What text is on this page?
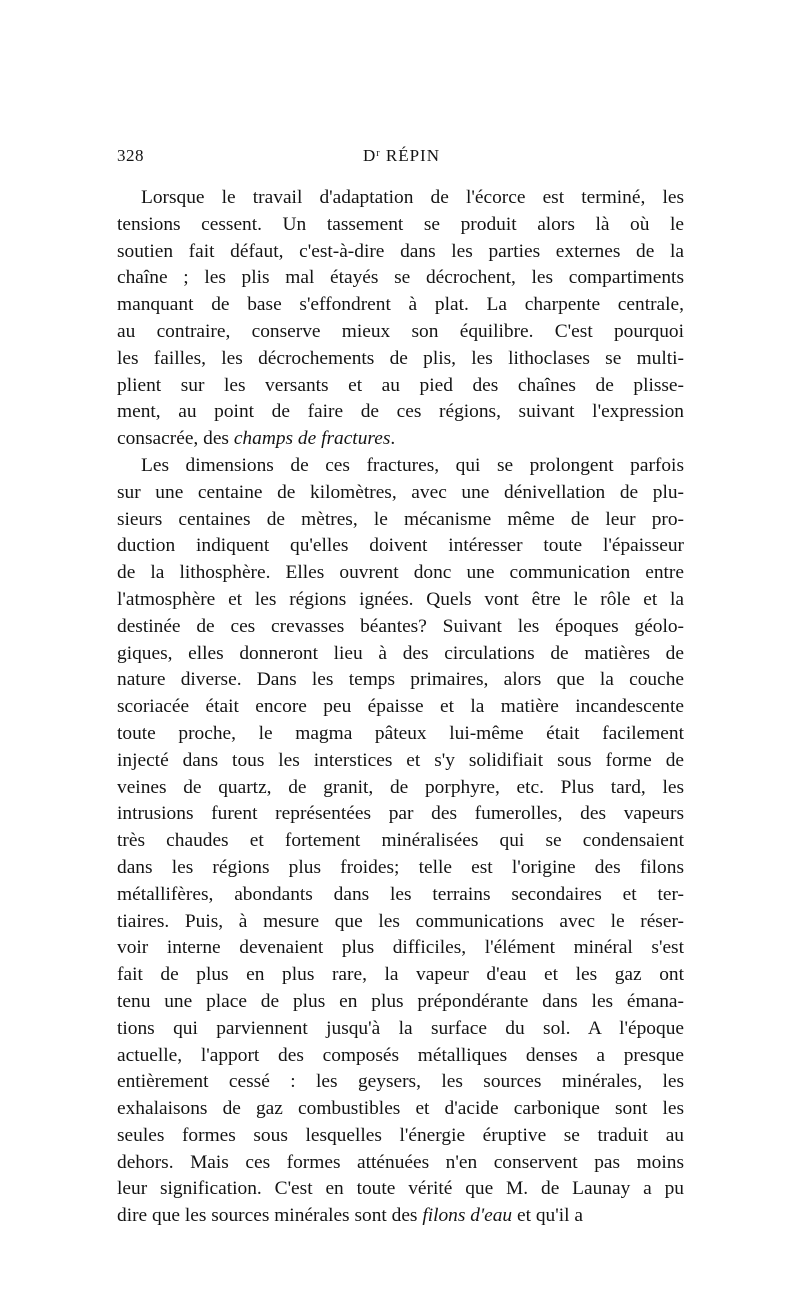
328	$D^r$ RÉPIN
Lorsque le travail d'adaptation de l'écorce est terminé, les
tensions cessent. Un tassement se produit alors là où le
soutien fait défaut, c'est-à-dire dans les parties externes de la
chaîne ; les plis mal étayés se décrochent, les compartiments
manquant de base s'effondrent à plat. La charpente centrale,
au contraire, conserve mieux son équilibre. C'est pourquoi
les failles, les décrochements de plis, les lithoclases se multi-
plient sur les versants et au pied des chaînes de plisse-
ment, au point de faire de ces régions, suivant l'expression
consacrée, des champs de fractures.
Les dimensions de ces fractures, qui se prolongent parfois
sur une centaine de kilomètres, avec une dénivellation de plu-
sieurs centaines de mètres, le mécanisme même de leur pro-
duction indiquent qu'elles doivent intéresser toute l'épaisseur
de la lithosphère. Elles ouvrent donc une communication entre
l'atmosphère et les régions ignées. Quels vont être le rôle et la
destinée de ces crevasses béantes? Suivant les époques géolo-
giques, elles donneront lieu à des circulations de matières de
nature diverse. Dans les temps primaires, alors que la couche
scoriacée était encore peu épaisse et la matière incandescente
toute proche, le magma pâteux lui-même était facilement
injecté dans tous les interstices et s'y solidifiait sous forme de
veines de quartz, de granit, de porphyre, etc. Plus tard, les
intrusions furent représentées par des fumerolles, des vapeurs
très chaudes et fortement minéralisées qui se condensaient
dans les régions plus froides; telle est l'origine des filons
métallifères, abondants dans les terrains secondaires et ter-
tiaires. Puis, à mesure que les communications avec le réser-
voir interne devenaient plus difficiles, l'élément minéral s'est
fait de plus en plus rare, la vapeur d'eau et les gaz ont
tenu une place de plus en plus prépondérante dans les émana-
tions qui parviennent jusqu'à la surface du sol. A l'époque
actuelle, l'apport des composés métalliques denses a presque
entièrement cessé : les geysers, les sources minérales, les
exhalaisons de gaz combustibles et d'acide carbonique sont les
seules formes sous lesquelles l'énergie éruptive se traduit au
dehors. Mais ces formes atténuées n'en conservent pas moins
leur signification. C'est en toute vérité que M. de Launay a pu
dire que les sources minérales sont des filons d'eau et qu'il a
